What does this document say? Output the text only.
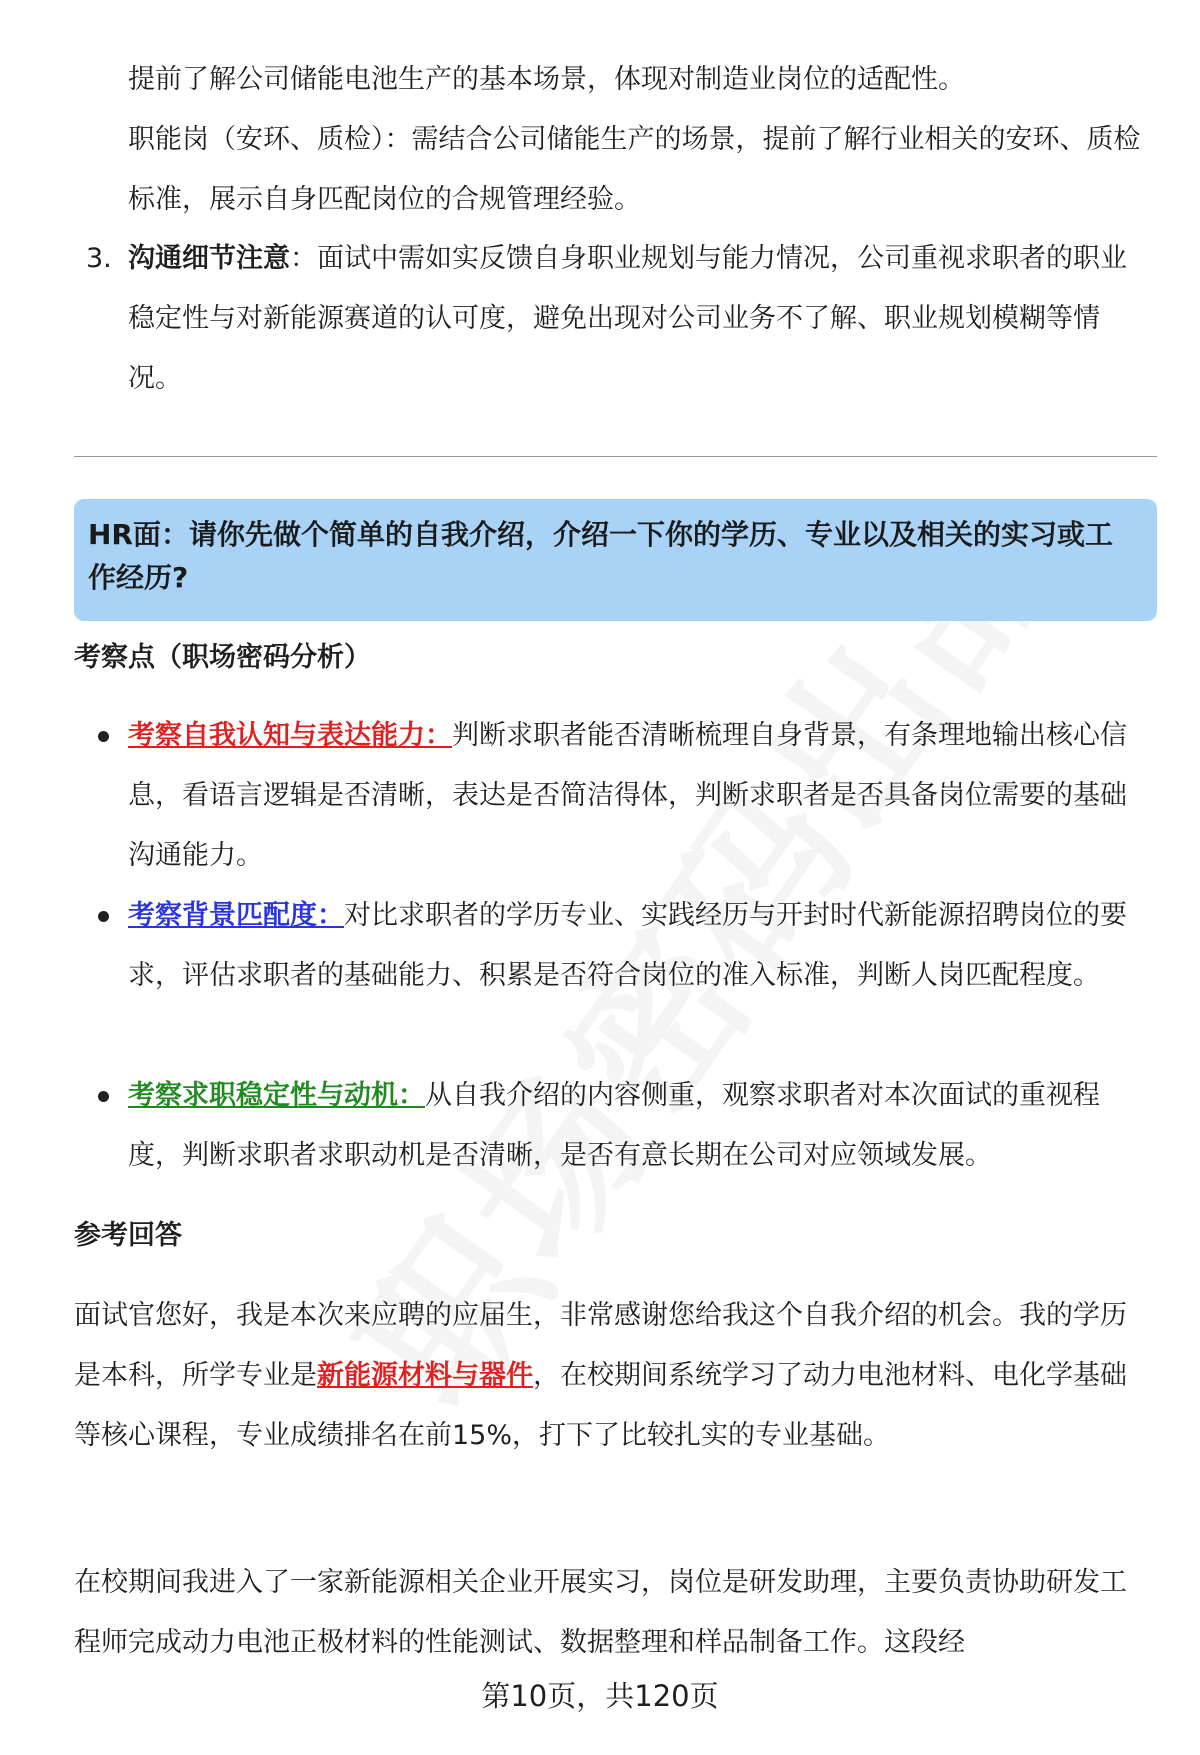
提前了解公司储能电池生产的基本场景，体现对制造业岗位的适配性。
职能岗（安环、质检）：需结合公司储能生产的场景，提前了解行业相关的安环、质检标准，展示自身匹配岗位的合规管理经验。
3. 沟通细节注意：面试中需如实反馈自身职业规划与能力情况，公司重视求职者的职业稳定性与对新能源赛道的认可度，避免出现对公司业务不了解、职业规划模糊等情况。
HR面：请你先做个简单的自我介绍，介绍一下你的学历、专业以及相关的实习或工作经历?
考察点（职场密码分析）
考察自我认知与表达能力：判断求职者能否清晰梳理自身背景，有条理地输出核心信息，看语言逻辑是否清晰，表达是否简洁得体，判断求职者是否具备岗位需要的基础沟通能力。
考察背景匹配度：对比求职者的学历专业、实践经历与开封时代新能源招聘岗位的要求，评估求职者的基础能力、积累是否符合岗位的准入标准，判断人岗匹配程度。
考察求职稳定性与动机：从自我介绍的内容侧重，观察求职者对本次面试的重视程度，判断求职者求职动机是否清晰，是否有意长期在公司对应领域发展。
参考回答
面试官您好，我是本次来应聘的应届生，非常感谢您给我这个自我介绍的机会。我的学历是本科，所学专业是新能源材料与器件，在校期间系统学习了动力电池材料、电化学基础等核心课程，专业成绩排名在前15%，打下了比较扎实的专业基础。
在校期间我进入了一家新能源相关企业开展实习，岗位是研发助理，主要负责协助研发工程师完成动力电池正极材料的性能测试、数据整理和样品制备工作。这段经
第10页，共120页
